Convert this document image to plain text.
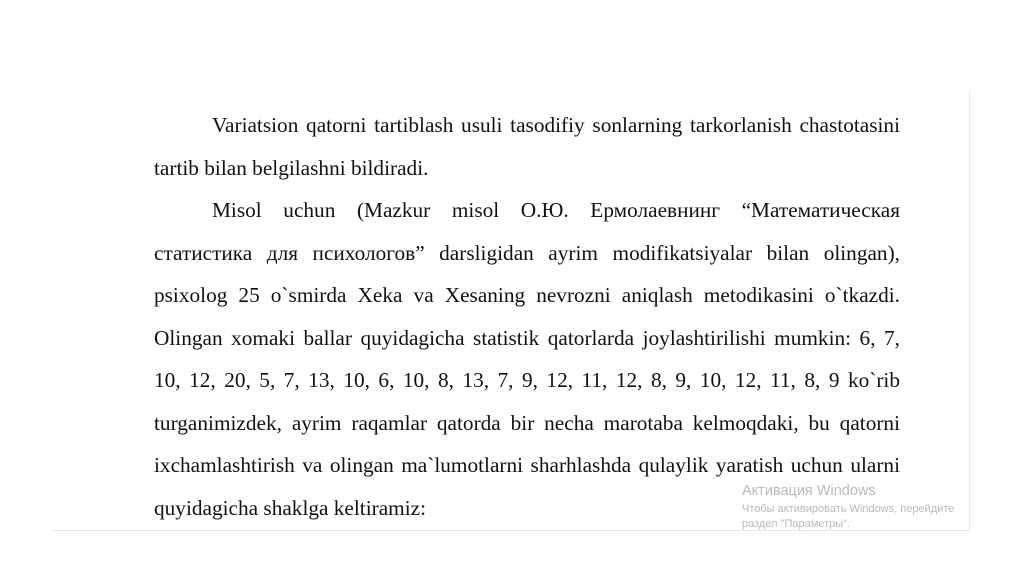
Variatsion qatorni tartiblash usuli tasodifiy sonlarning tarkorlanish chastotasini tartib bilan belgilashni bildiradi.

Misol uchun (Mazkur misol O.Ю. Ермолаевнинг “Математическая статистика для психологов” darsligidan ayrim modifikatsiyalar bilan olingan), psixolog 25 o`smirda Xeka va Xesaning nevrozni aniqlash metodikasini o`tkazdi. Olingan xomaki ballar quyidagicha statistik qatorlarda joylashtirilishi mumkin: 6, 7, 10, 12, 20, 5, 7, 13, 10, 6, 10, 8, 13, 7, 9, 12, 11, 12, 8, 9, 10, 12, 11, 8, 9 ko`rib turganimizdek, ayrim raqamlar qatorda bir necha marotaba kelmoqdaki, bu qatorni ixchamlashtirish va olingan ma`lumotlarni sharhlashda qulaylik yaratish uchun ularni quyidagicha shaklga keltiramiz:

Активация Windows
Чтобы активировать Windows, перейдите
раздел "Параметры".
